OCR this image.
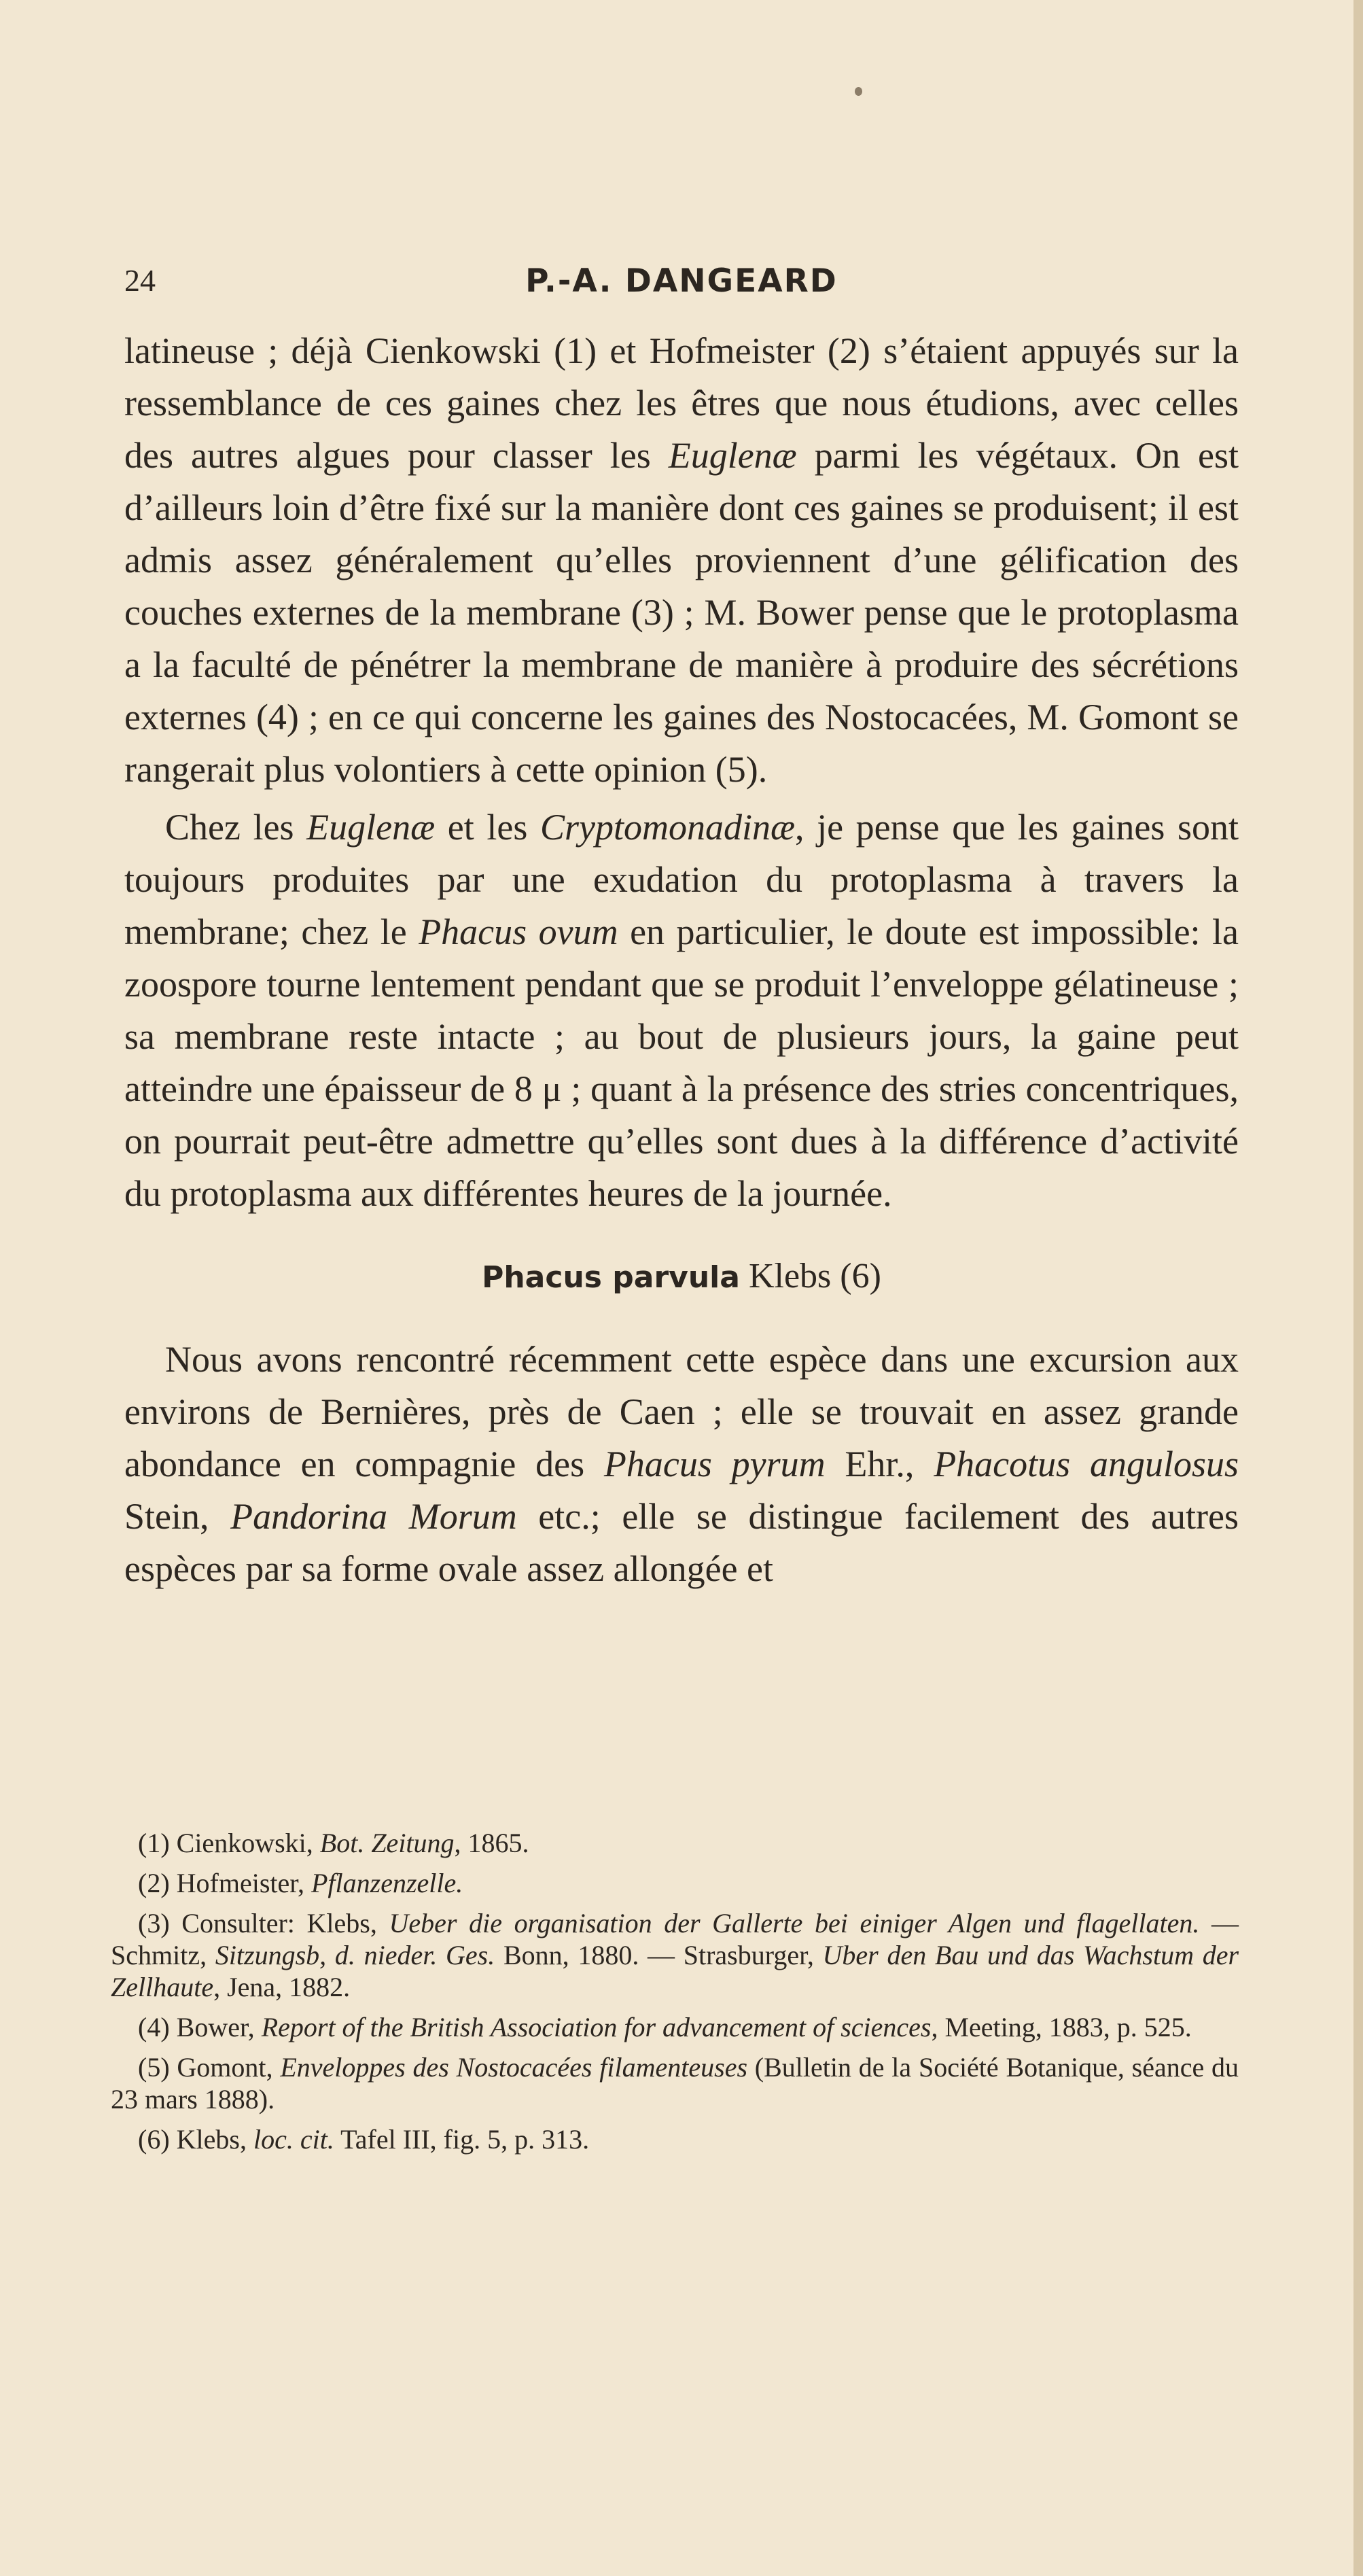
24	P.-A. DANGEARD

latineuse ; déjà Cienkowski (1) et Hofmeister (2) s’étaient appuyés sur la ressemblance de ces gaines chez les êtres que nous étudions, avec celles des autres algues pour classer les Euglenæ parmi les végétaux. On est d’ailleurs loin d’être fixé sur la manière dont ces gaines se produisent; il est admis assez généralement qu’elles proviennent d’une gélification des couches externes de la membrane (3) ; M. Bower pense que le protoplasma a la faculté de pénétrer la membrane de manière à produire des sécrétions externes (4) ; en ce qui concerne les gaines des Nostocacées, M. Gomont se rangerait plus volontiers à cette opinion (5).

Chez les Euglenæ et les Cryptomonadinæ, je pense que les gaines sont toujours produites par une exudation du protoplasma à travers la membrane; chez le Phacus ovum en particulier, le doute est impossible: la zoospore tourne lentement pendant que se produit l’enveloppe gélatineuse ; sa membrane reste intacte ; au bout de plusieurs jours, la gaine peut atteindre une épaisseur de 8 μ ; quant à la présence des stries concentriques, on pourrait peut-être admettre qu’elles sont dues à la différence d’activité du protoplasma aux différentes heures de la journée.

Phacus parvula Klebs (6)

Nous avons rencontré récemment cette espèce dans une excursion aux environs de Bernières, près de Caen ; elle se trouvait en assez grande abondance en compagnie des Phacus pyrum Ehr., Phacotus angulosus Stein, Pandorina Morum etc.; elle se distingue facilement des autres espèces par sa forme ovale assez allongée et

(1) Cienkowski, Bot. Zeitung, 1865.

(2) Hofmeister, Pflanzenzelle.

(3) Consulter: Klebs, Ueber die organisation der Gallerte bei einiger Algen und flagellaten. — Schmitz, Sitzungsb, d. nieder. Ges. Bonn, 1880. — Strasburger, Uber den Bau und das Wachstum der Zellhaute, Jena, 1882.

(4) Bower, Report of the British Association for advancement of sciences, Meeting, 1883, p. 525.

(5) Gomont, Enveloppes des Nostocacées filamenteuses (Bulletin de la Société Botanique, séance du 23 mars 1888).

(6) Klebs, loc. cit. Tafel III, fig. 5, p. 313.
